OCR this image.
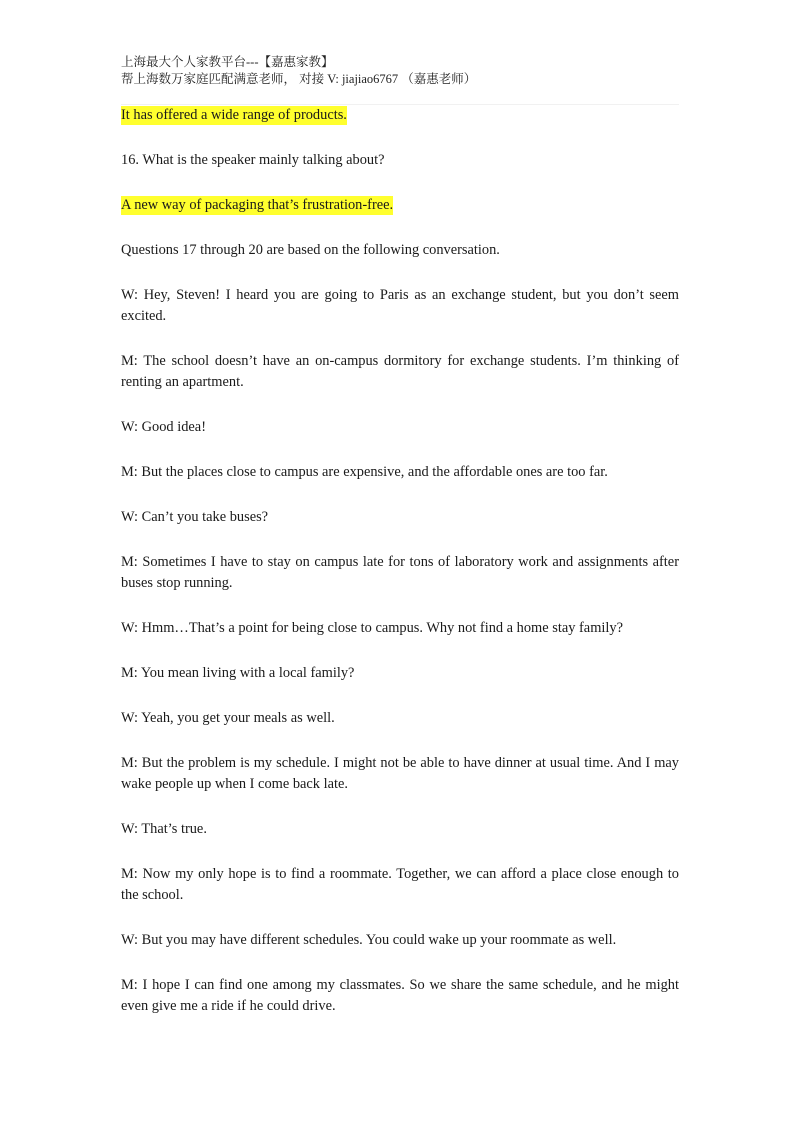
上海最大个人家教平台---【嘉惠家教】
帮上海数万家庭匹配满意老师， 对接 V: jiajiao6767 （嘉惠老师）

It has offered a wide range of products.

16. What is the speaker mainly talking about?

A new way of packaging that’s frustration-free.

Questions 17 through 20 are based on the following conversation.

W: Hey, Steven! I heard you are going to Paris as an exchange student, but you don’t seem excited.

M: The school doesn’t have an on-campus dormitory for exchange students. I’m thinking of renting an apartment.

W: Good idea!

M: But the places close to campus are expensive, and the affordable ones are too far.

W: Can’t you take buses?

M: Sometimes I have to stay on campus late for tons of laboratory work and assignments after buses stop running.

W: Hmm…That’s a point for being close to campus. Why not find a home stay family?

M: You mean living with a local family?

W: Yeah, you get your meals as well.

M: But the problem is my schedule. I might not be able to have dinner at usual time. And I may wake people up when I come back late.

W: That’s true.

M: Now my only hope is to find a roommate. Together, we can afford a place close enough to the school.

W: But you may have different schedules. You could wake up your roommate as well.

M: I hope I can find one among my classmates. So we share the same schedule, and he might even give me a ride if he could drive.
